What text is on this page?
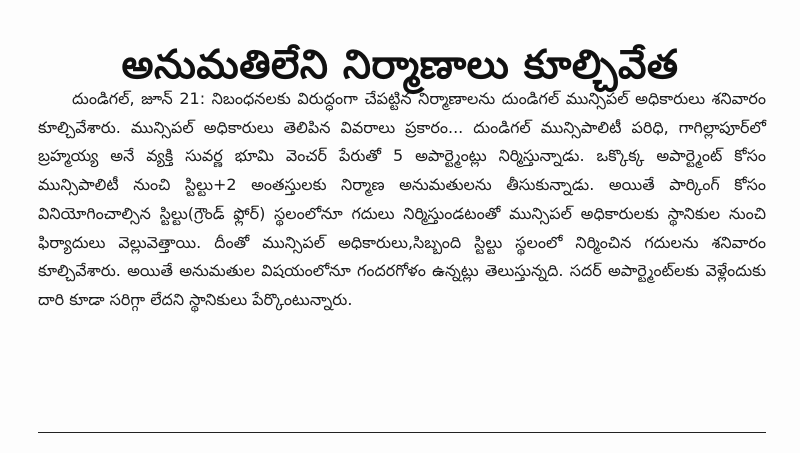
అనుమతిలేని నిర్మాణాలు కూల్చివేత

దుండిగల్, జూన్ 21: నిబంధనలకు విరుద్ధంగా చేపట్టిన నిర్మాణాలను దుండిగల్ మున్సిపల్ అధికారులు శనివారం కూల్చివేశారు. మున్సిపల్ అధికారులు తెలిపిన వివరాలు ప్రకారం... దుండిగల్ మున్సిపాలిటీ పరిధి, గాగిల్లాపూర్‌లో బ్రహ్మయ్య అనే వ్యక్తి సువర్ణ భూమి వెంచర్ పేరుతో 5 అపార్ట్మెంట్లు నిర్మిస్తున్నాడు. ఒక్కొక్క అపార్ట్మెంట్ కోసం మున్సిపాలిటీ నుంచి స్టిల్టు+2 అంతస్తులకు నిర్మాణ అనుమతులను తీసుకున్నాడు. అయితే పార్కింగ్ కోసం వినియోగించాల్సిన స్టిల్టు(గ్రౌండ్ ఫ్లోర్) స్థలంలోనూ గదులు నిర్మిస్తుండటంతో మున్సిపల్ అధికారులకు స్థానికుల నుంచి ఫిర్యాదులు వెల్లువెత్తాయి. దీంతో మున్సిపల్ అధికారులు,సిబ్బంది స్టిల్టు స్థలంలో నిర్మించిన గదులను శనివారం కూల్చివేశారు. అయితే అనుమతుల విషయంలోనూ గందరగోళం ఉన్నట్లు తెలుస్తున్నది. సదర్ అపార్ట్మెంట్‌లకు వెళ్లేందుకు దారి కూడా సరిగ్గా లేదని స్థానికులు పేర్కొంటున్నారు.
